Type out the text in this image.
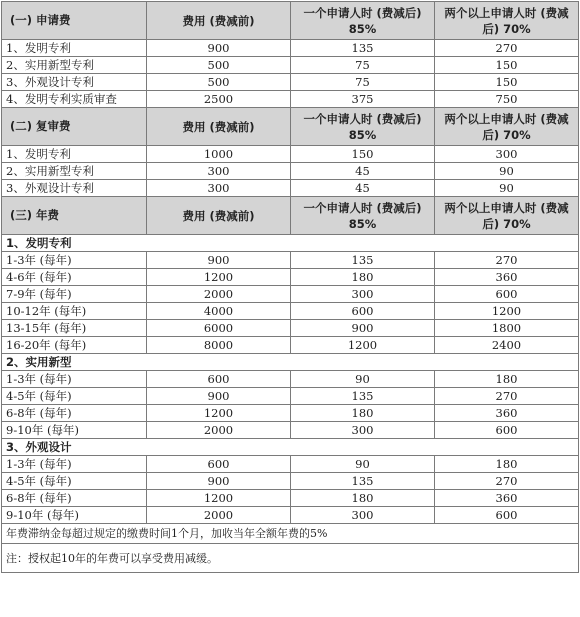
(一) 申请费	费用 (费减前)	一个申请人时 (费减后) 85%	两个以上申请人时 (费减后) 70%
1、发明专利	900	135	270
2、实用新型专利	500	75	150
3、外观设计专利	500	75	150
4、发明专利实质审查	2500	375	750
(二) 复审费	费用 (费减前)	一个申请人时 (费减后) 85%	两个以上申请人时 (费减后) 70%
1、发明专利	1000	150	300
2、实用新型专利	300	45	90
3、外观设计专利	300	45	90
(三) 年费	费用 (费减前)	一个申请人时 (费减后) 85%	两个以上申请人时 (费减后) 70%
1、发明专利			
1-3年 (每年)	900	135	270
4-6年 (每年)	1200	180	360
7-9年 (每年)	2000	300	600
10-12年 (每年)	4000	600	1200
13-15年 (每年)	6000	900	1800
16-20年 (每年)	8000	1200	2400
2、实用新型			
1-3年 (每年)	600	90	180
4-5年 (每年)	900	135	270
6-8年 (每年)	1200	180	360
9-10年 (每年)	2000	300	600
3、外观设计			
1-3年 (每年)	600	90	180
4-5年 (每年)	900	135	270
6-8年 (每年)	1200	180	360
9-10年 (每年)	2000	300	600
年费滞纳金每超过规定的缴费时间1个月，加收当年全额年费的5%			
注：授权起10年的年费可以享受费用减缓。			
